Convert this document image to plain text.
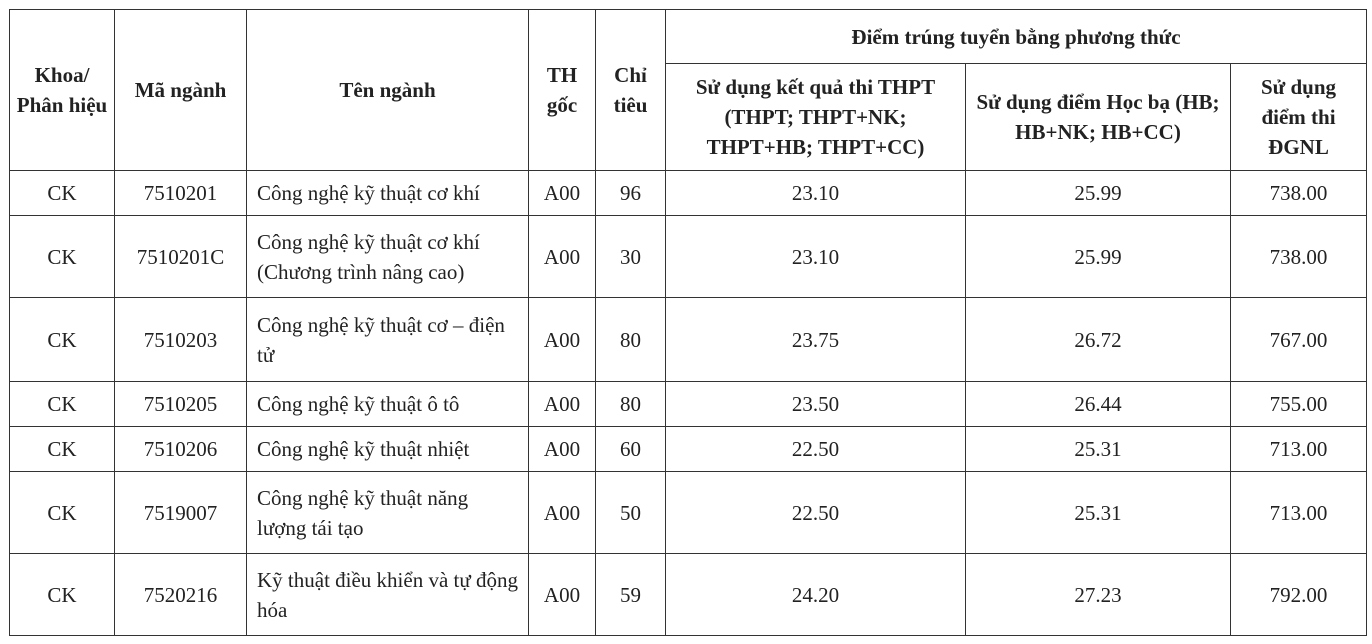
Khoa/ Phân hiệu	Mã ngành	Tên ngành	TH gốc	Chỉ tiêu	Điểm trúng tuyển bằng phương thức		
					Sử dụng kết quả thi THPT (THPT; THPT+NK; THPT+HB; THPT+CC)	Sử dụng điểm Học bạ (HB; HB+NK; HB+CC)	Sử dụng điểm thi ĐGNL
CK	7510201	Công nghệ kỹ thuật cơ khí	A00	96	23.10	25.99	738.00
CK	7510201C	Công nghệ kỹ thuật cơ khí (Chương trình nâng cao)	A00	30	23.10	25.99	738.00
CK	7510203	Công nghệ kỹ thuật cơ – điện tử	A00	80	23.75	26.72	767.00
CK	7510205	Công nghệ kỹ thuật ô tô	A00	80	23.50	26.44	755.00
CK	7510206	Công nghệ kỹ thuật nhiệt	A00	60	22.50	25.31	713.00
CK	7519007	Công nghệ kỹ thuật năng lượng tái tạo	A00	50	22.50	25.31	713.00
CK	7520216	Kỹ thuật điều khiển và tự động hóa	A00	59	24.20	27.23	792.00
